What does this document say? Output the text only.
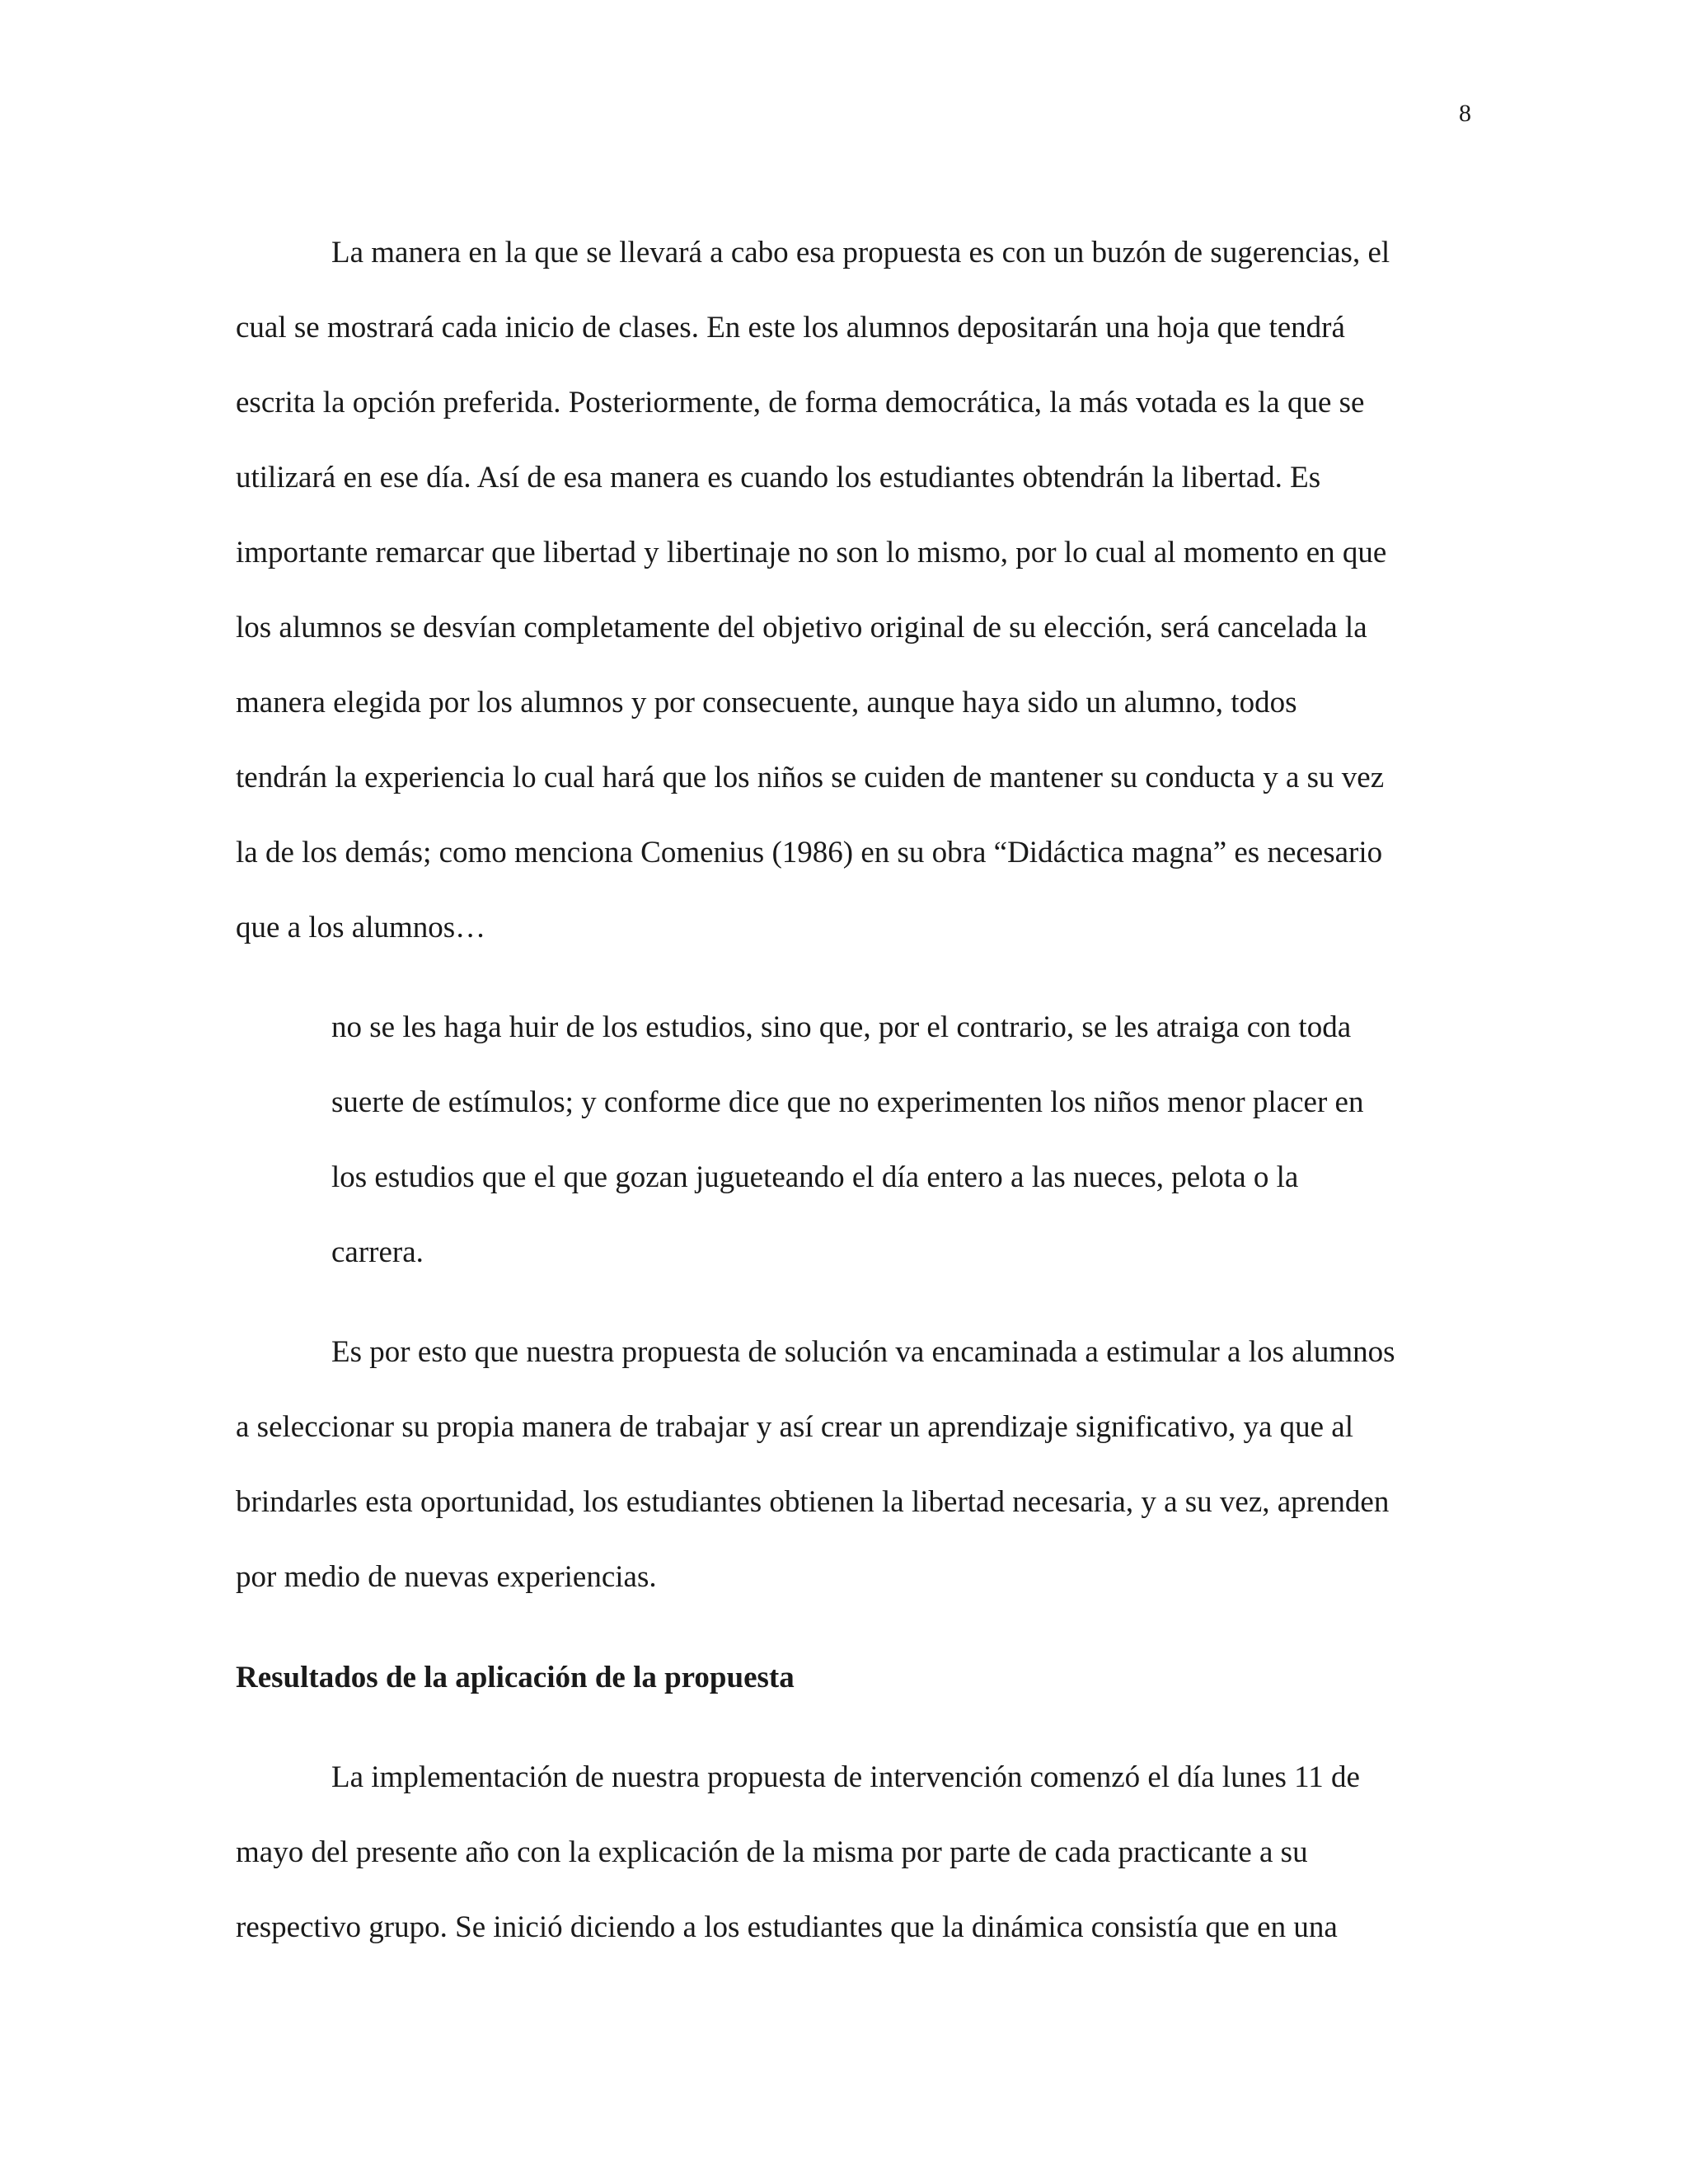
8
La manera en la que se llevará a cabo esa propuesta es con un buzón de sugerencias, el
cual se mostrará cada inicio de clases. En este los alumnos depositarán una hoja que tendrá
escrita la opción preferida. Posteriormente, de forma democrática, la más votada es la que se
utilizará en ese día. Así de esa manera es cuando los estudiantes obtendrán la libertad. Es
importante remarcar que libertad y libertinaje no son lo mismo, por lo cual al momento en que
los alumnos se desvían completamente del objetivo original de su elección, será cancelada la
manera elegida por los alumnos y por consecuente, aunque haya sido un alumno, todos
tendrán la experiencia lo cual hará que los niños se cuiden de mantener su conducta y a su vez
la de los demás; como menciona Comenius (1986) en su obra “Didáctica magna” es necesario
que a los alumnos…
no se les haga huir de los estudios, sino que, por el contrario, se les atraiga con toda
suerte de estímulos; y conforme dice que no experimenten los niños menor placer en
los estudios que el que gozan jugueteando el día entero a las nueces, pelota o la
carrera.
Es por esto que nuestra propuesta de solución va encaminada a estimular a los alumnos
a seleccionar su propia manera de trabajar y así crear un aprendizaje significativo, ya que al
brindarles esta oportunidad, los estudiantes obtienen la libertad necesaria, y a su vez, aprenden
por medio de nuevas experiencias.
Resultados de la aplicación de la propuesta
La implementación de nuestra propuesta de intervención comenzó el día lunes 11 de
mayo del presente año con la explicación de la misma por parte de cada practicante a su
respectivo grupo. Se inició diciendo a los estudiantes que la dinámica consistía que en una
